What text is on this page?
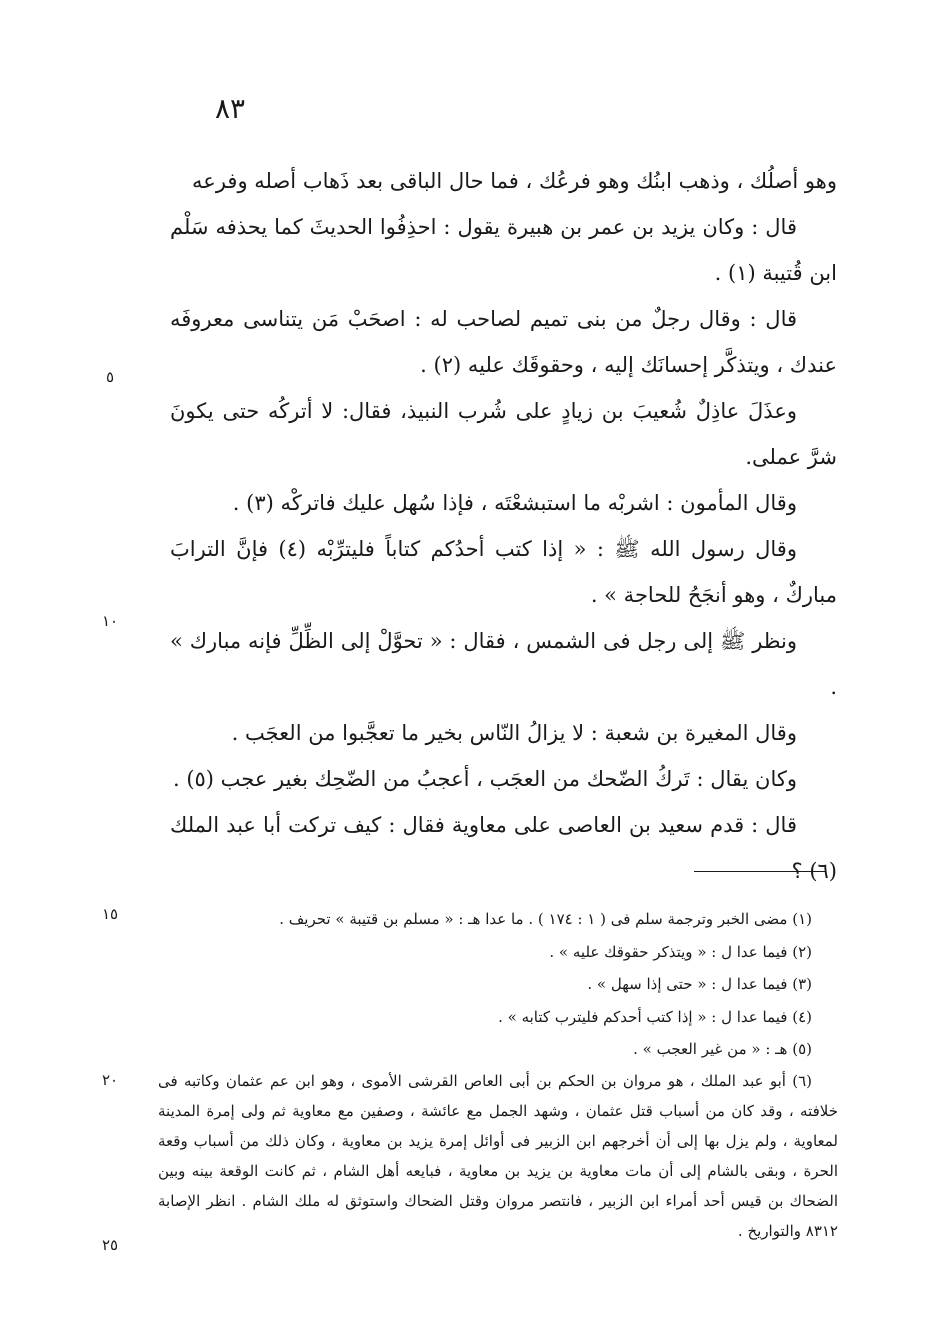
٨٣

وهو أصلُك ، وذهب ابنُك وهو فرعُك ، فما حال الباقى بعد ذَهاب أصله وفرعه

قال : وكان يزيد بن عمر بن هبيرة يقول : احذِفُوا الحديثَ كما يحذفه سَلْم ابن قُتيبة (١) .

قال : وقال رجلٌ من بنى تميم لصاحب له : اصحَبْ مَن يتناسى معروفَه عندك ، ويتذكَّر إحسانَك إليه ، وحقوقَك عليه (٢) .

وعذَلَ عاذِلٌ شُعيبَ بن زيادٍ على شُرب النبيذ، فقال: لا أتركُه حتى يكونَ شرَّ عملى.

وقال المأمون : اشربْه ما استبشعْتَه ، فإذا سُهل عليك فاتركْه (٣) .

وقال رسول الله ﷺ : « إذا كتب أحدُكم كتاباً فليترِّبْه (٤) فإنَّ الترابَ مباركٌ ، وهو أنجَحُ للحاجة » .

ونظر ﷺ إلى رجل فى الشمس ، فقال : « تحوَّلْ إلى الظِّلِّ فإنه مبارك » .

وقال المغيرة بن شعبة : لا يزالُ النّاس بخير ما تعجَّبوا من العجَب .

وكان يقال : تَركُ الضّحك من العجَب ، أعجبُ من الضّحِك بغير عجب (٥) .

قال : قدم سعيد بن العاصى على معاوية فقال : كيف تركت أبا عبد الملك (٦) ؟

٥
١٠
١٥
٢٠
٢٥

(١) مضى الخبر وترجمة سلم فى ( ١ : ١٧٤ ) . ما عدا هـ : « مسلم بن قتيبة » تحريف .

(٢) فيما عدا ل : « ويتذكر حقوقك عليه » .

(٣) فيما عدا ل : « حتى إذا سهل » .

(٤) فيما عدا ل : « إذا كتب أحدكم فليترب كتابه » .

(٥) هـ : « من غير العجب » .

(٦) أبو عبد الملك ، هو مروان بن الحكم بن أبى العاص القرشى الأموى ، وهو ابن عم عثمان وكاتبه فى خلافته ، وقد كان من أسباب قتل عثمان ، وشهد الجمل مع عائشة ، وصفين مع معاوية ثم ولى إمرة المدينة لمعاوية ، ولم يزل بها إلى أن أخرجهم ابن الزبير فى أوائل إمرة يزيد بن معاوية ، وكان ذلك من أسباب وقعة الحرة ، وبقى بالشام إلى أن مات معاوية بن يزيد بن معاوية ، فبايعه أهل الشام ، ثم كانت الوقعة بينه وبين الضحاك بن قيس أحد أمراء ابن الزبير ، فانتصر مروان وقتل الضحاك واستوثق له ملك الشام . انظر الإصابة ٨٣١٢ والتواريخ .
